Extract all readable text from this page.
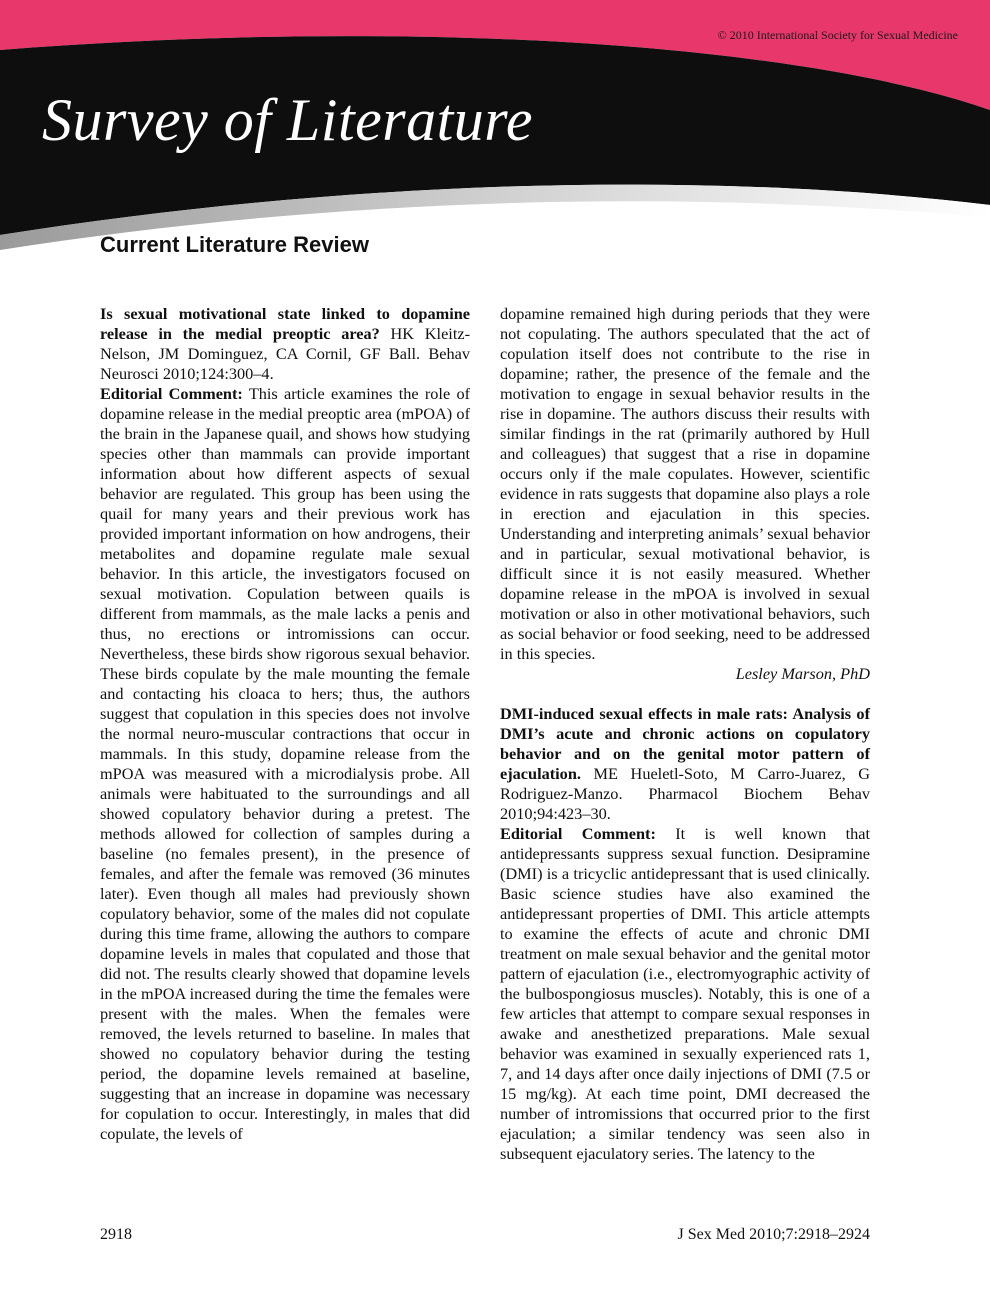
© 2010 International Society for Sexual Medicine
Survey of Literature
Current Literature Review

Is sexual motivational state linked to dopamine release in the medial preoptic area? HK Kleitz-Nelson, JM Dominguez, CA Cornil, GF Ball. Behav Neurosci 2010;124:300–4.

Editorial Comment: This article examines the role of dopamine release in the medial preoptic area (mPOA) of the brain in the Japanese quail, and shows how studying species other than mammals can provide important information about how different aspects of sexual behavior are regulated. This group has been using the quail for many years and their previous work has provided important information on how androgens, their metabolites and dopamine regulate male sexual behavior. In this article, the investigators focused on sexual motivation. Copulation between quails is different from mammals, as the male lacks a penis and thus, no erections or intromissions can occur. Nevertheless, these birds show rigorous sexual behavior. These birds copulate by the male mounting the female and contacting his cloaca to hers; thus, the authors suggest that copulation in this species does not involve the normal neuro-muscular contractions that occur in mammals. In this study, dopamine release from the mPOA was measured with a microdialysis probe. All animals were habituated to the surroundings and all showed copulatory behavior during a pretest. The methods allowed for collection of samples during a baseline (no females present), in the presence of females, and after the female was removed (36 minutes later). Even though all males had previously shown copulatory behavior, some of the males did not copulate during this time frame, allowing the authors to compare dopamine levels in males that copulated and those that did not. The results clearly showed that dopamine levels in the mPOA increased during the time the females were present with the males. When the females were removed, the levels returned to baseline. In males that showed no copulatory behavior during the testing period, the dopamine levels remained at baseline, suggesting that an increase in dopamine was necessary for copulation to occur. Interestingly, in males that did copulate, the levels of

dopamine remained high during periods that they were not copulating. The authors speculated that the act of copulation itself does not contribute to the rise in dopamine; rather, the presence of the female and the motivation to engage in sexual behavior results in the rise in dopamine. The authors discuss their results with similar findings in the rat (primarily authored by Hull and colleagues) that suggest that a rise in dopamine occurs only if the male copulates. However, scientific evidence in rats suggests that dopamine also plays a role in erection and ejaculation in this species. Understanding and interpreting animals’ sexual behavior and in particular, sexual motivational behavior, is difficult since it is not easily measured. Whether dopamine release in the mPOA is involved in sexual motivation or also in other motivational behaviors, such as social behavior or food seeking, need to be addressed in this species.

Lesley Marson, PhD

DMI-induced sexual effects in male rats: Analysis of DMI’s acute and chronic actions on copulatory behavior and on the genital motor pattern of ejaculation. ME Hueletl-Soto, M Carro-Juarez, G Rodriguez-Manzo. Pharmacol Biochem Behav 2010;94:423–30.

Editorial Comment: It is well known that antidepressants suppress sexual function. Desipramine (DMI) is a tricyclic antidepressant that is used clinically. Basic science studies have also examined the antidepressant properties of DMI. This article attempts to examine the effects of acute and chronic DMI treatment on male sexual behavior and the genital motor pattern of ejaculation (i.e., electromyographic activity of the bulbospongiosus muscles). Notably, this is one of a few articles that attempt to compare sexual responses in awake and anesthetized preparations. Male sexual behavior was examined in sexually experienced rats 1, 7, and 14 days after once daily injections of DMI (7.5 or 15 mg/kg). At each time point, DMI decreased the number of intromissions that occurred prior to the first ejaculation; a similar tendency was seen also in subsequent ejaculatory series. The latency to the

2918	J Sex Med 2010;7:2918–2924
